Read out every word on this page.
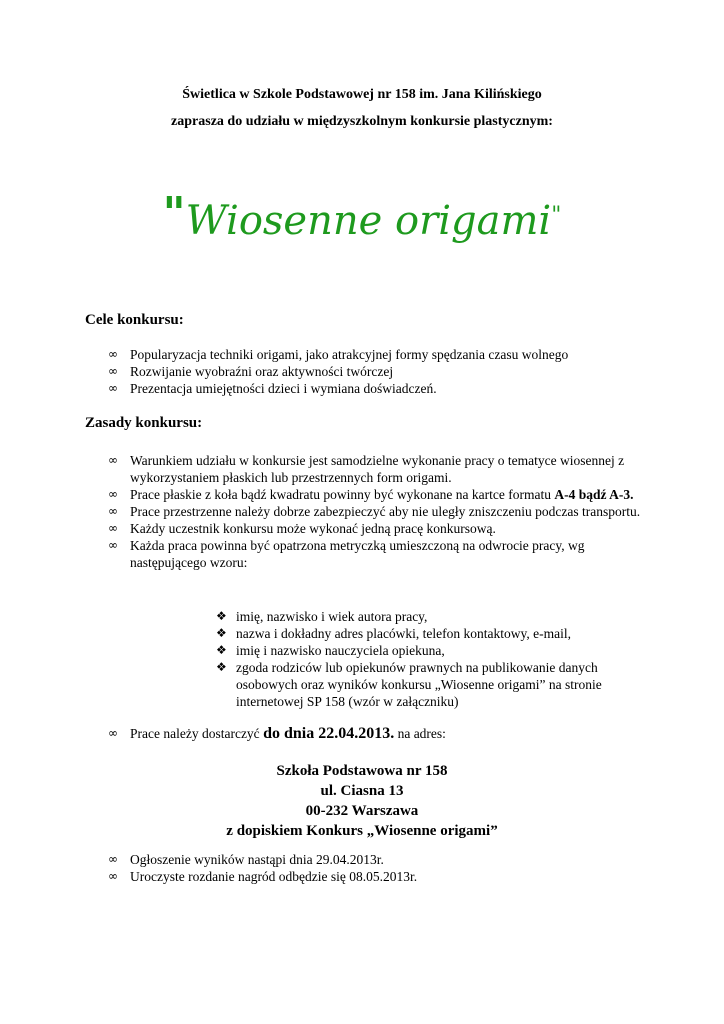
Świetlica w Szkole Podstawowej nr 158 im. Jana Kilińskiego
zaprasza do udziału w międzyszkolnym konkursie plastycznym:
"Wiosenne origami"
Cele konkursu:
∞ Popularyzacja techniki origami, jako atrakcyjnej formy spędzania czasu wolnego
∞ Rozwijanie wyobraźni oraz aktywności twórczej
∞ Prezentacja umiejętności dzieci i wymiana doświadczeń.
Zasady konkursu:
∞ Warunkiem udziału w konkursie jest samodzielne wykonanie pracy o tematyce wiosennej z wykorzystaniem płaskich lub przestrzennych form origami.
∞ Prace płaskie z koła bądź kwadratu powinny być wykonane na kartce formatu A-4 bądź A-3.
∞ Prace przestrzenne należy dobrze zabezpieczyć aby nie uległy zniszczeniu podczas transportu.
∞ Każdy uczestnik konkursu może wykonać jedną pracę konkursową.
∞ Każda praca powinna być opatrzona metryczką umieszczoną na odwrocie pracy, wg następującego wzoru:
❖ imię, nazwisko i wiek autora pracy,
❖ nazwa i dokładny adres placówki, telefon kontaktowy, e-mail,
❖ imię i nazwisko nauczyciela opiekuna,
❖ zgoda rodziców lub opiekunów prawnych na publikowanie danych osobowych oraz wyników konkursu „Wiosenne origami” na stronie internetowej SP 158 (wzór w załączniku)
∞ Prace należy dostarczyć do dnia 22.04.2013. na adres:
Szkoła Podstawowa nr 158
ul. Ciasna 13
00-232 Warszawa
z dopiskiem Konkurs „Wiosenne origami”
∞ Ogłoszenie wyników nastąpi dnia 29.04.2013r.
∞ Uroczyste rozdanie nagród odbędzie się 08.05.2013r.
